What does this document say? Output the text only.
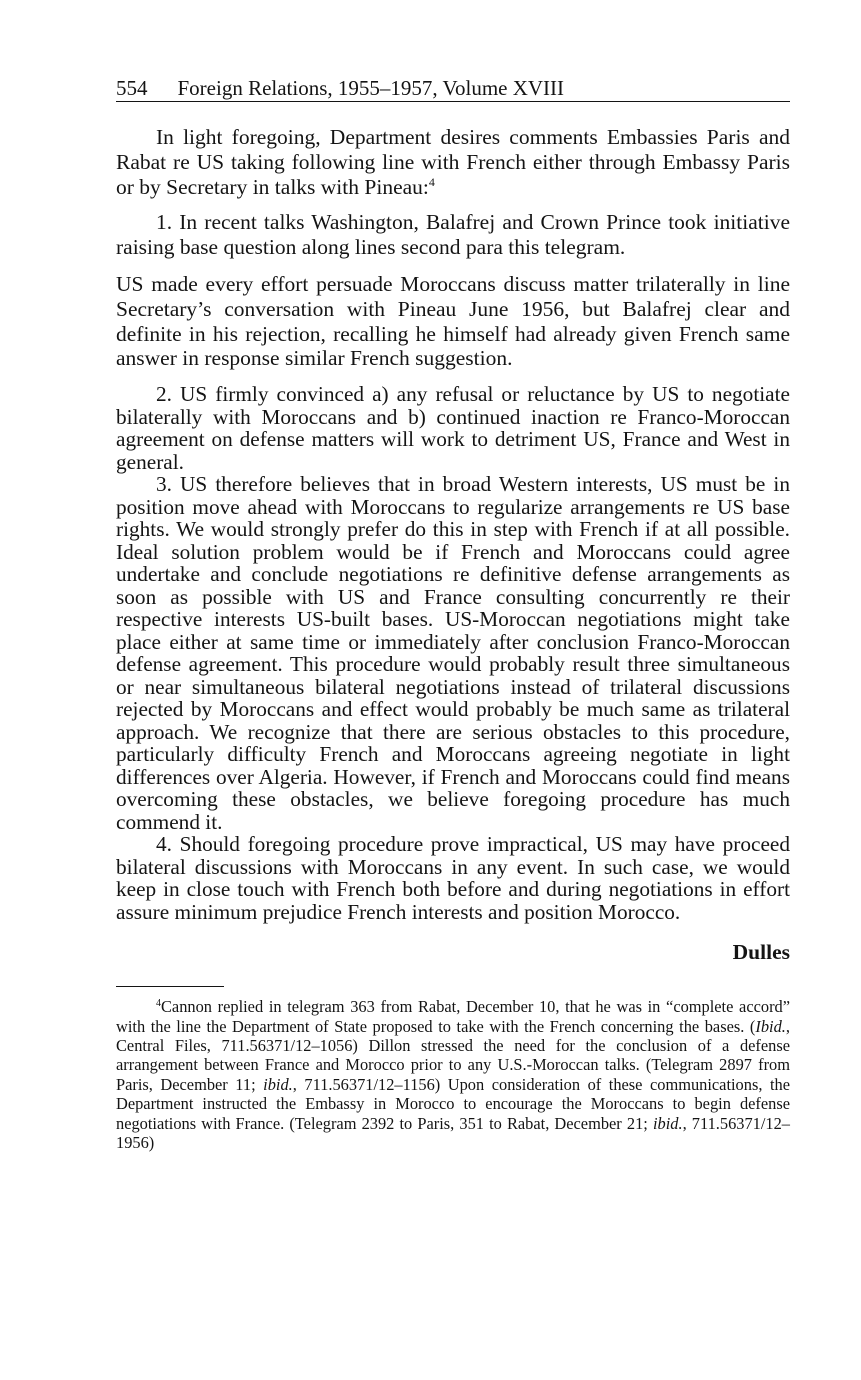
554 Foreign Relations, 1955–1957, Volume XVIII

In light foregoing, Department desires comments Embassies Paris and Rabat re US taking following line with French either through Embassy Paris or by Secretary in talks with Pineau:$^4$

1. In recent talks Washington, Balafrej and Crown Prince took initiative raising base question along lines second para this telegram.

US made every effort persuade Moroccans discuss matter trilaterally in line Secretary’s conversation with Pineau June 1956, but Balafrej clear and definite in his rejection, recalling he himself had already given French same answer in response similar French suggestion.

2. US firmly convinced a) any refusal or reluctance by US to negotiate bilaterally with Moroccans and b) continued inaction re Franco-Moroccan agreement on defense matters will work to detriment US, France and West in general.

3. US therefore believes that in broad Western interests, US must be in position move ahead with Moroccans to regularize arrangements re US base rights. We would strongly prefer do this in step with French if at all possible. Ideal solution problem would be if French and Moroccans could agree undertake and conclude negotiations re definitive defense arrangements as soon as possible with US and France consulting concurrently re their respective interests US-built bases. US-Moroccan negotiations might take place either at same time or immediately after conclusion Franco-Moroccan defense agreement. This procedure would probably result three simultaneous or near simultaneous bilateral negotiations instead of trilateral discussions rejected by Moroccans and effect would probably be much same as trilateral approach. We recognize that there are serious obstacles to this procedure, particularly difficulty French and Moroccans agreeing negotiate in light differences over Algeria. However, if French and Moroccans could find means overcoming these obstacles, we believe foregoing procedure has much commend it.

4. Should foregoing procedure prove impractical, US may have proceed bilateral discussions with Moroccans in any event. In such case, we would keep in close touch with French both before and during negotiations in effort assure minimum prejudice French interests and position Morocco.

Dulles

$^4$Cannon replied in telegram 363 from Rabat, December 10, that he was in “complete accord” with the line the Department of State proposed to take with the French concerning the bases. (Ibid., Central Files, 711.56371/12–1056) Dillon stressed the need for the conclusion of a defense arrangement between France and Morocco prior to any U.S.-Moroccan talks. (Telegram 2897 from Paris, December 11; ibid., 711.56371/12–1156) Upon consideration of these communications, the Department instructed the Embassy in Morocco to encourage the Moroccans to begin defense negotiations with France. (Telegram 2392 to Paris, 351 to Rabat, December 21; ibid., 711.56371/12–1956)
